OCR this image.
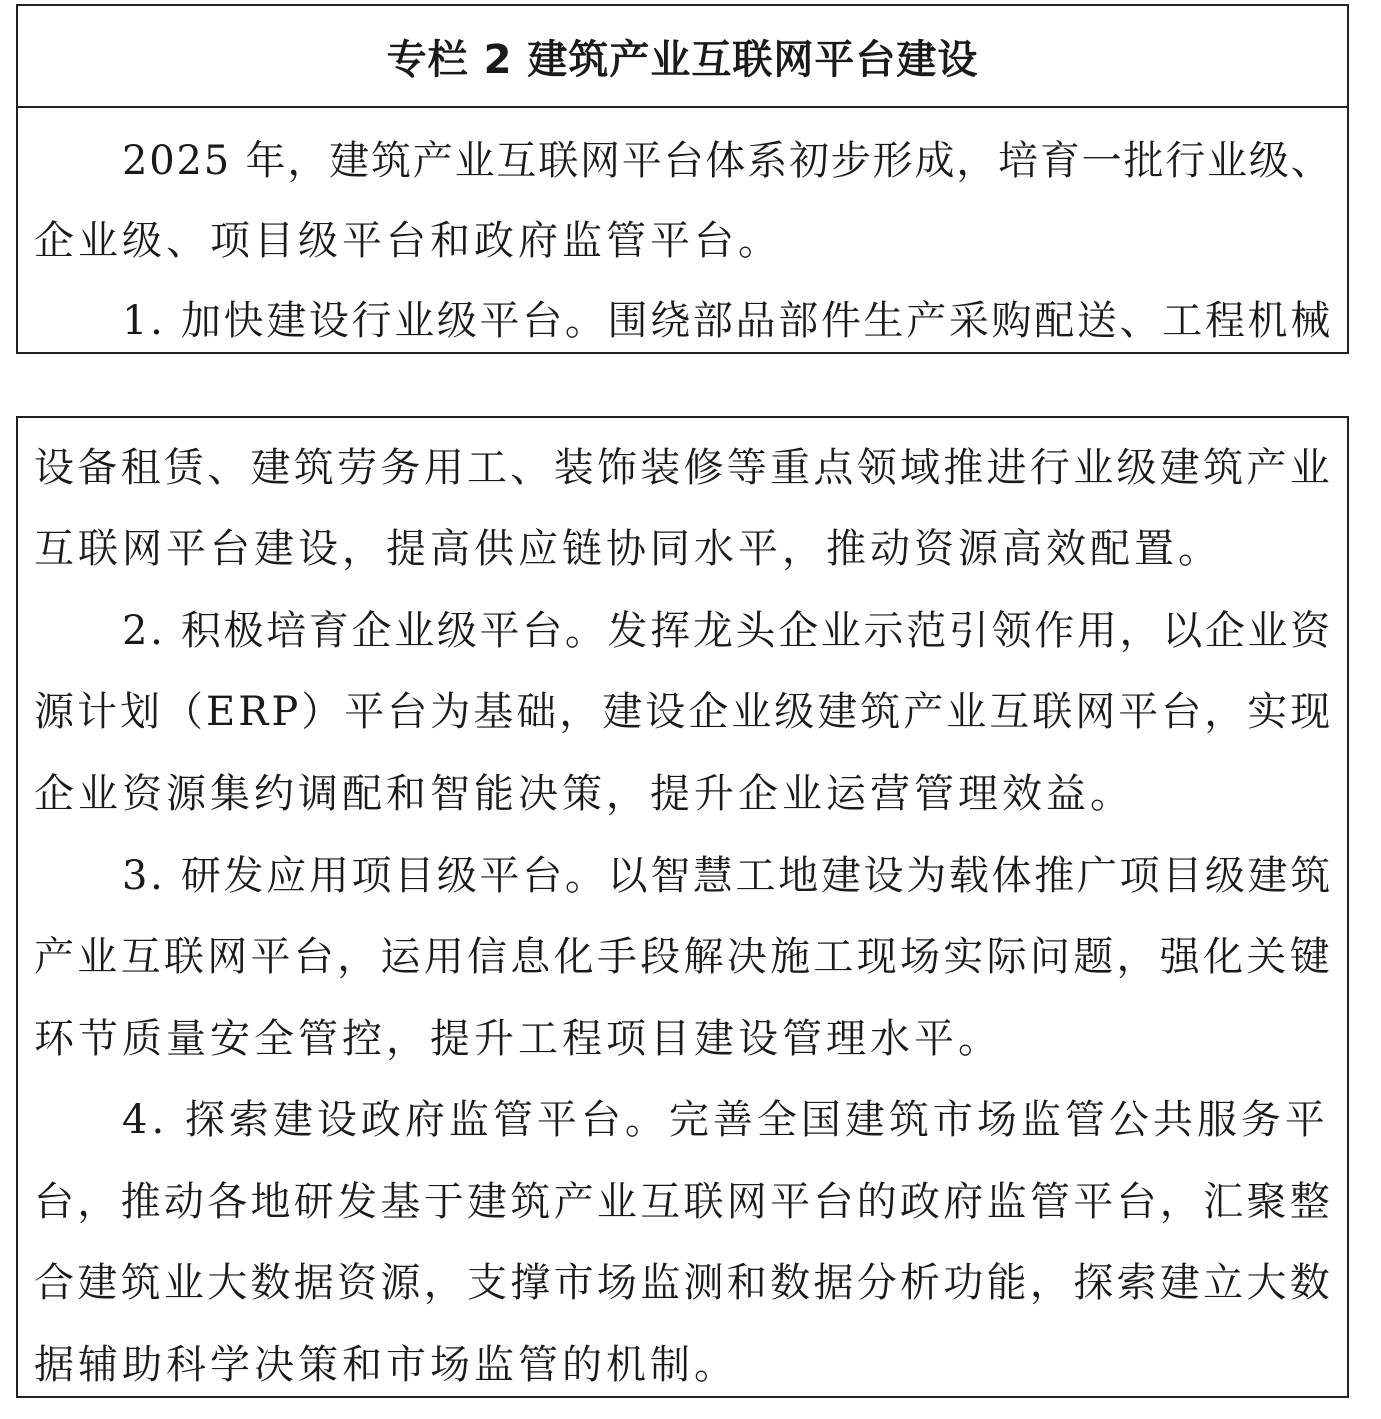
专栏 2 建筑产业互联网平台建设
2025 年，建筑产业互联网平台体系初步形成，培育一批行业级、
企业级、项目级平台和政府监管平台。
1. 加快建设行业级平台。围绕部品部件生产采购配送、工程机械
设备租赁、建筑劳务用工、装饰装修等重点领域推进行业级建筑产业
互联网平台建设，提高供应链协同水平，推动资源高效配置。
2. 积极培育企业级平台。发挥龙头企业示范引领作用，以企业资
源计划（ERP）平台为基础，建设企业级建筑产业互联网平台，实现
企业资源集约调配和智能决策，提升企业运营管理效益。
3. 研发应用项目级平台。以智慧工地建设为载体推广项目级建筑
产业互联网平台，运用信息化手段解决施工现场实际问题，强化关键
环节质量安全管控，提升工程项目建设管理水平。
4. 探索建设政府监管平台。完善全国建筑市场监管公共服务平
台，推动各地研发基于建筑产业互联网平台的政府监管平台，汇聚整
合建筑业大数据资源，支撑市场监测和数据分析功能，探索建立大数
据辅助科学决策和市场监管的机制。
